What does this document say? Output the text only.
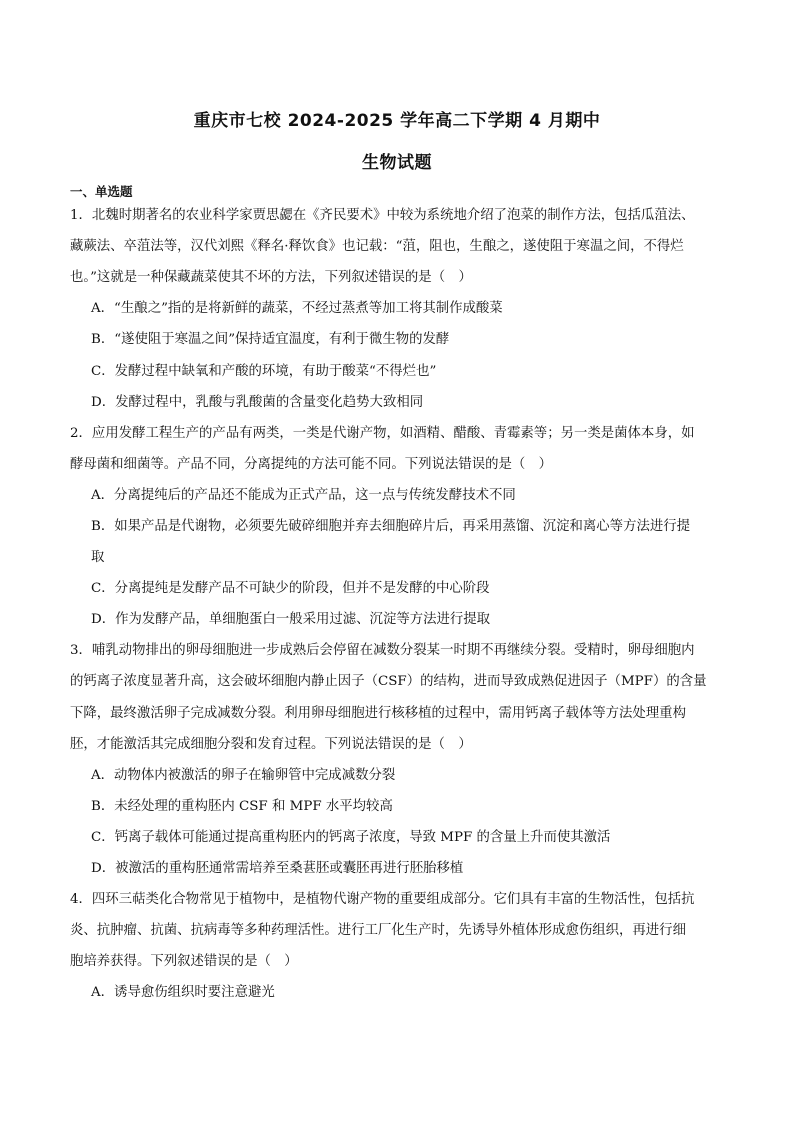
重庆市七校 2024-2025 学年高二下学期 4 月期中
生物试题
一、单选题
1．北魏时期著名的农业科学家贾思勰在《齐民要术》中较为系统地介绍了泡菜的制作方法，包括瓜菹法、
藏蕨法、卒菹法等，汉代刘熙《释名·释饮食》也记载：“菹，阻也，生酿之，遂使阻于寒温之间，不得烂
也。”这就是一种保藏蔬菜使其不坏的方法，下列叙述错误的是（　）
A．“生酿之”指的是将新鲜的蔬菜，不经过蒸煮等加工将其制作成酸菜
B．“遂使阻于寒温之间”保持适宜温度，有利于微生物的发酵
C．发酵过程中缺氧和产酸的环境，有助于酸菜“不得烂也”
D．发酵过程中，乳酸与乳酸菌的含量变化趋势大致相同
2．应用发酵工程生产的产品有两类，一类是代谢产物，如酒精、醋酸、青霉素等；另一类是菌体本身，如
酵母菌和细菌等。产品不同，分离提纯的方法可能不同。下列说法错误的是（　）
A．分离提纯后的产品还不能成为正式产品，这一点与传统发酵技术不同
B．如果产品是代谢物，必须要先破碎细胞并弃去细胞碎片后，再采用蒸馏、沉淀和离心等方法进行提
取
C．分离提纯是发酵产品不可缺少的阶段，但并不是发酵的中心阶段
D．作为发酵产品，单细胞蛋白一般采用过滤、沉淀等方法进行提取
3．哺乳动物排出的卵母细胞进一步成熟后会停留在减数分裂某一时期不再继续分裂。受精时，卵母细胞内
的钙离子浓度显著升高，这会破坏细胞内静止因子（CSF）的结构，进而导致成熟促进因子（MPF）的含量
下降，最终激活卵子完成减数分裂。利用卵母细胞进行核移植的过程中，需用钙离子载体等方法处理重构
胚，才能激活其完成细胞分裂和发育过程。下列说法错误的是（　）
A．动物体内被激活的卵子在输卵管中完成减数分裂
B．未经处理的重构胚内 CSF 和 MPF 水平均较高
C．钙离子载体可能通过提高重构胚内的钙离子浓度，导致 MPF 的含量上升而使其激活
D．被激活的重构胚通常需培养至桑葚胚或囊胚再进行胚胎移植
4．四环三萜类化合物常见于植物中，是植物代谢产物的重要组成部分。它们具有丰富的生物活性，包括抗
炎、抗肿瘤、抗菌、抗病毒等多种药理活性。进行工厂化生产时，先诱导外植体形成愈伤组织，再进行细
胞培养获得。下列叙述错误的是（　）
A．诱导愈伤组织时要注意避光
